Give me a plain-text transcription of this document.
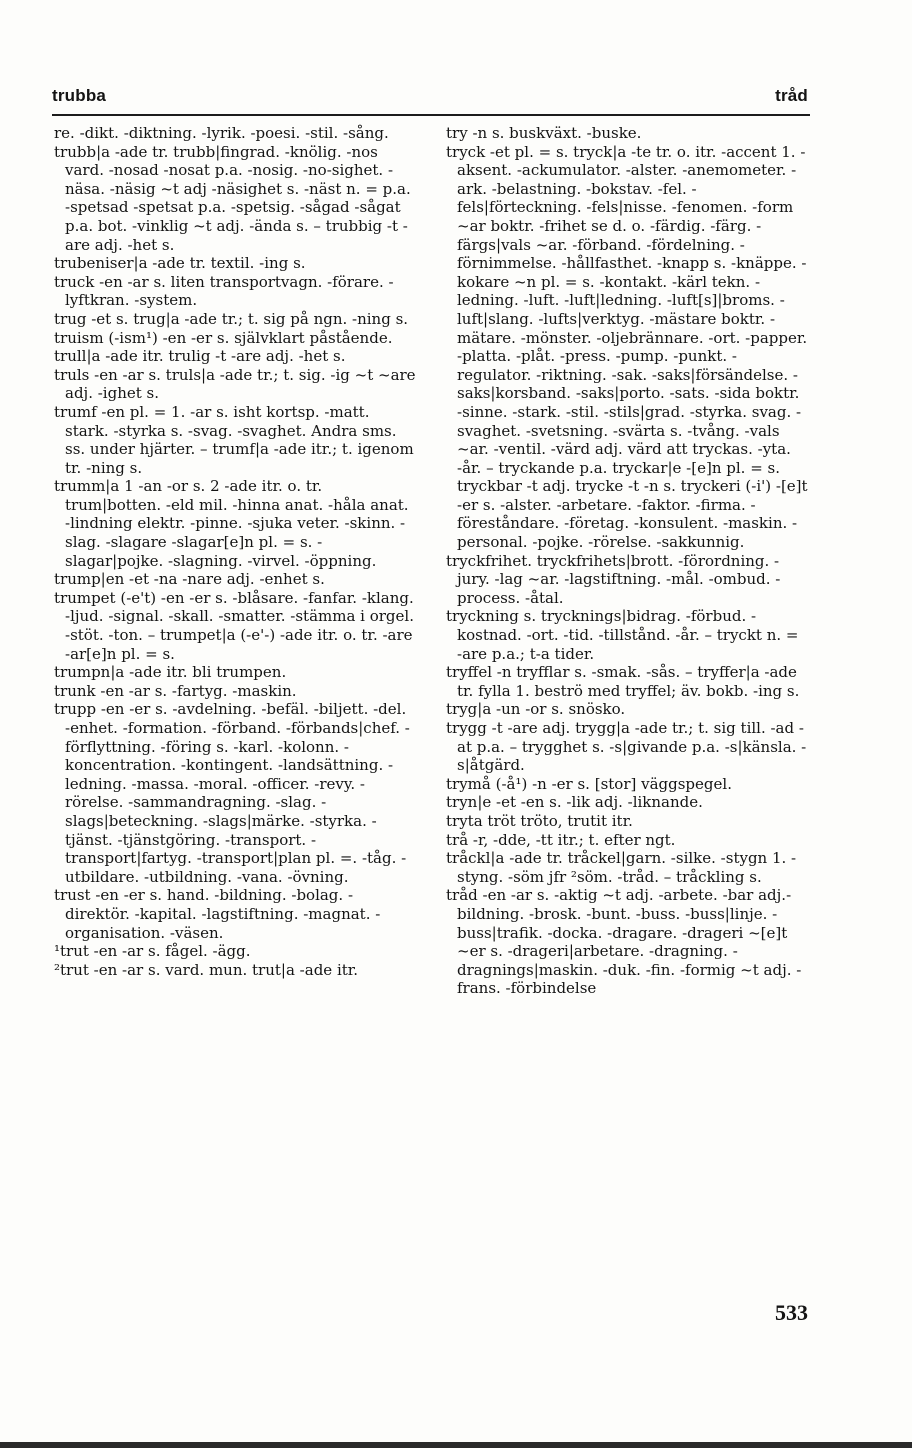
trubba	tråd

re. -dikt. -diktning. -lyrik. -poesi. -stil. -sång.

trubb|a -ade tr. trubb|fingrad. -knölig. -nos vard. -nosad -nosat p.a. -nosig. -no-sighet. -näsa. -näsig ~t adj -näsighet s. -näst n. = p.a. -spetsad -spetsat p.a. -spetsig. -sågad -sågat p.a. bot. -vinklig ~t adj. -ända s. – trubbig -t -are adj. -het s.

trubeniser|a -ade tr. textil. -ing s.

truck -en -ar s. liten transportvagn. -förare. -lyftkran. -system.

trug -et s. trug|a -ade tr.; t. sig på ngn. -ning s.

truism (-ism¹) -en -er s. självklart påstående.

trull|a -ade itr. trulig -t -are adj. -het s.

truls -en -ar s. truls|a -ade tr.; t. sig. -ig ~t ~are adj. -ighet s.

trumf -en pl. = 1. -ar s. isht kortsp. -matt. stark. -styrka s. -svag. -svaghet. Andra sms. ss. under hjärter. – trumf|a -ade itr.; t. igenom tr. -ning s.

trumm|a 1 -an -or s. 2 -ade itr. o. tr. trum|botten. -eld mil. -hinna anat. -håla anat. -lindning elektr. -pinne. -sjuka veter. -skinn. -slag. -slagare -slagar[e]n pl. = s. -slagar|pojke. -slagning. -virvel. -öppning.

trump|en -et -na -nare adj. -enhet s.

trumpet (-e't) -en -er s. -blåsare. -fanfar. -klang. -ljud. -signal. -skall. -smatter. -stämma i orgel. -stöt. -ton. – trumpet|a (-e'-) -ade itr. o. tr. -are -ar[e]n pl. = s.

trumpn|a -ade itr. bli trumpen.

trunk -en -ar s. -fartyg. -maskin.

trupp -en -er s. -avdelning. -befäl. -biljett. -del. -enhet. -formation. -förband. -förbands|chef. -förflyttning. -föring s. -karl. -kolonn. -koncentration. -kontingent. -landsättning. -ledning. -massa. -moral. -officer. -revy. -rörelse. -sammandragning. -slag. -slags|beteckning. -slags|märke. -styrka. -tjänst. -tjänstgöring. -transport. -transport|fartyg. -transport|plan pl. =. -tåg. -utbildare. -utbildning. -vana. -övning.

trust -en -er s. hand. -bildning. -bolag. -direktör. -kapital. -lagstiftning. -magnat. -organisation. -väsen.

¹trut -en -ar s. fågel. -ägg.

²trut -en -ar s. vard. mun. trut|a -ade itr.

try -n s. buskväxt. -buske.

tryck -et pl. = s. tryck|a -te tr. o. itr. -accent 1. -aksent. -ackumulator. -alster. -anemometer. -ark. -belastning. -bokstav. -fel. -fels|förteckning. -fels|nisse. -fenomen. -form ~ar boktr. -frihet se d. o. -färdig. -färg. -färgs|vals ~ar. -förband. -fördelning. -förnimmelse. -hållfasthet. -knapp s. -knäppe. -kokare ~n pl. = s. -kontakt. -kärl tekn. -ledning. -luft. -luft|ledning. -luft[s]|broms. -luft|slang. -lufts|verktyg. -mästare boktr. -mätare. -mönster. -oljebrännare. -ort. -papper. -platta. -plåt. -press. -pump. -punkt. -regulator. -riktning. -sak. -saks|försändelse. -saks|korsband. -saks|porto. -sats. -sida boktr. -sinne. -stark. -stil. -stils|grad. -styrka. svag. -svaghet. -svetsning. -svärta s. -tvång. -vals ~ar. -ventil. -värd adj. värd att tryckas. -yta. -år. – tryckande p.a. tryckar|e -[e]n pl. = s. tryckbar -t adj. trycke -t -n s. tryckeri (-i') -[e]t -er s. -alster. -arbetare. -faktor. -firma. -föreståndare. -företag. -konsulent. -maskin. -personal. -pojke. -rörelse. -sakkunnig.

tryckfrihet. tryckfrihets|brott. -förordning. -jury. -lag ~ar. -lagstiftning. -mål. -ombud. -process. -åtal.

tryckning s. trycknings|bidrag. -förbud. -kostnad. -ort. -tid. -tillstånd. -år. – tryckt n. = -are p.a.; t-a tider.

tryffel -n tryfflar s. -smak. -sås. – tryffer|a -ade tr. fylla 1. beströ med tryffel; äv. bokb. -ing s.

tryg|a -un -or s. snösko.

trygg -t -are adj. trygg|a -ade tr.; t. sig till. -ad -at p.a. – trygghet s. -s|givande p.a. -s|känsla. -s|åtgärd.

trymå (-å¹) -n -er s. [stor] väggspegel.

tryn|e -et -en s. -lik adj. -liknande.

tryta tröt tröto, trutit itr.

trå -r, -dde, -tt itr.; t. efter ngt.

tråckl|a -ade tr. tråckel|garn. -silke. -stygn 1. -styng. -söm jfr ²söm. -tråd. – tråckling s.

tråd -en -ar s. -aktig ~t adj. -arbete. -bar adj.-bildning. -brosk. -bunt. -buss. -buss|linje. -buss|trafik. -docka. -dragare. -drageri ~[e]t ~er s. -drageri|arbetare. -dragning. -dragnings|maskin. -duk. -fin. -formig ~t adj. -frans. -förbindelse

533
